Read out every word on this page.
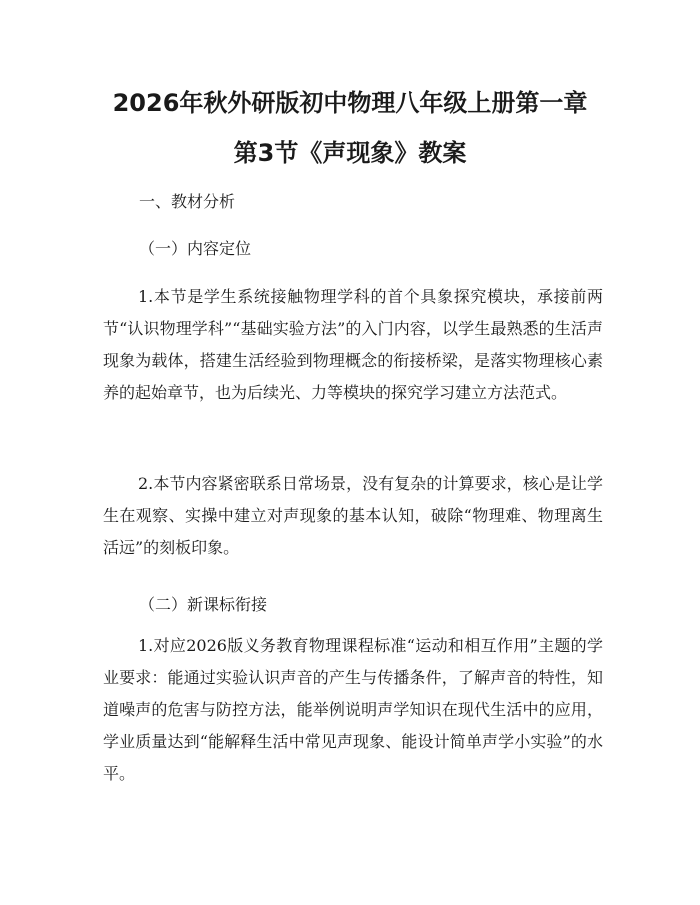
2026年秋外研版初中物理八年级上册第一章
第3节《声现象》教案
一、教材分析
（一）内容定位
1.本节是学生系统接触物理学科的首个具象探究模块，承接前两节“认识物理学科”“基础实验方法”的入门内容，以学生最熟悉的生活声现象为载体，搭建生活经验到物理概念的衔接桥梁，是落实物理核心素养的起始章节，也为后续光、力等模块的探究学习建立方法范式。
2.本节内容紧密联系日常场景，没有复杂的计算要求，核心是让学生在观察、实操中建立对声现象的基本认知，破除“物理难、物理离生活远”的刻板印象。
（二）新课标衔接
1.对应2026版义务教育物理课程标准“运动和相互作用”主题的学业要求：能通过实验认识声音的产生与传播条件，了解声音的特性，知道噪声的危害与防控方法，能举例说明声学知识在现代生活中的应用，学业质量达到“能解释生活中常见声现象、能设计简单声学小实验”的水平。
